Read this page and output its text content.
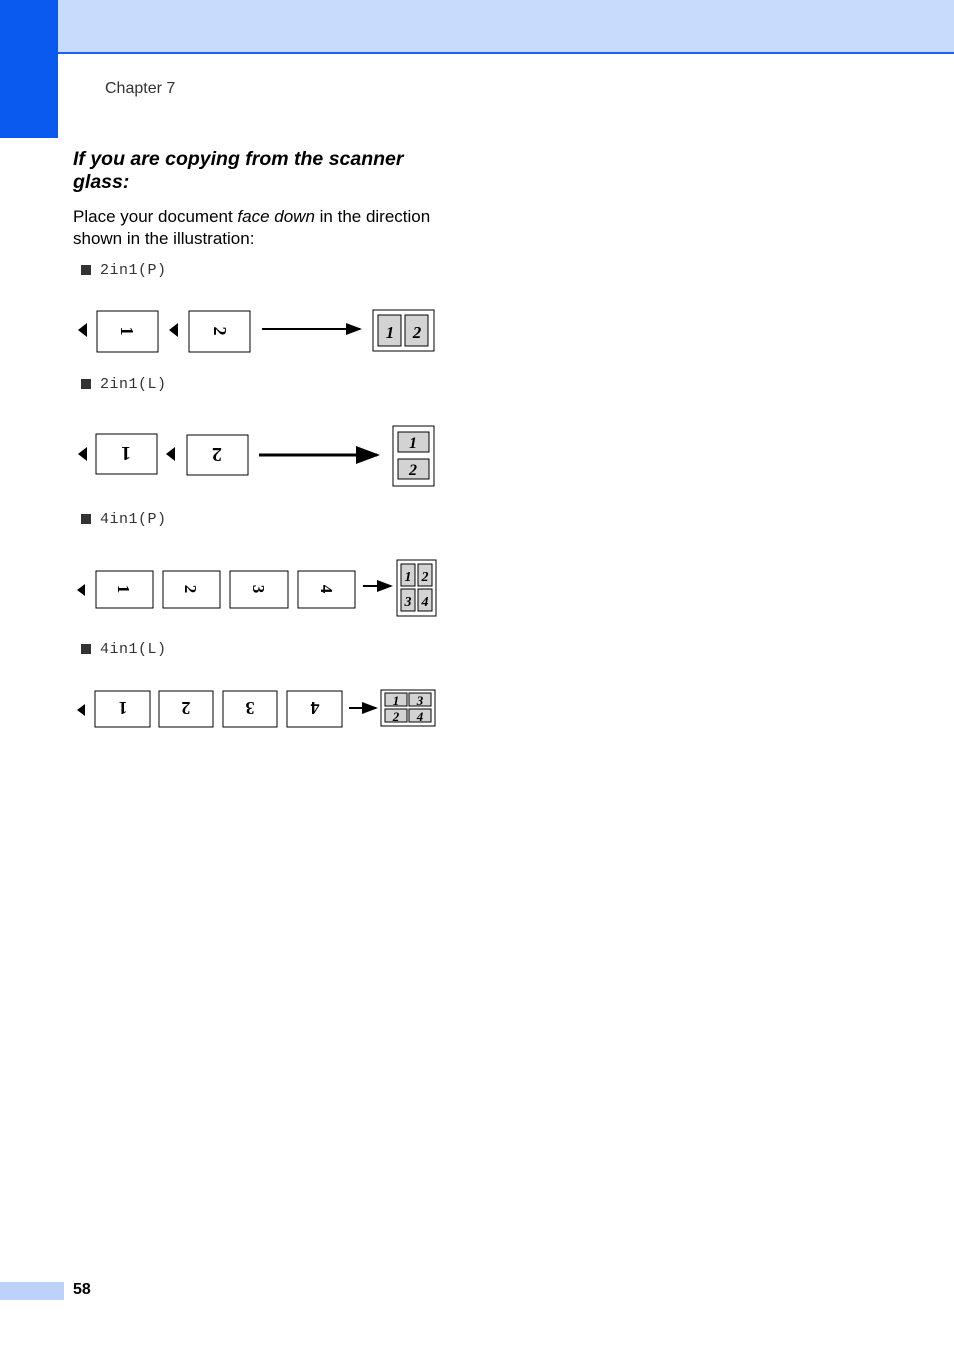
Chapter 7
If you are copying from the scanner glass:
Place your document face down in the direction shown in the illustration:
2in1(P)
2in1(L)
4in1(P)
4in1(L)
1	2	1 2
1	2	1
2
1	2	3	4
1 2
3 4
1	2	3	4	1 3
2 4
58
